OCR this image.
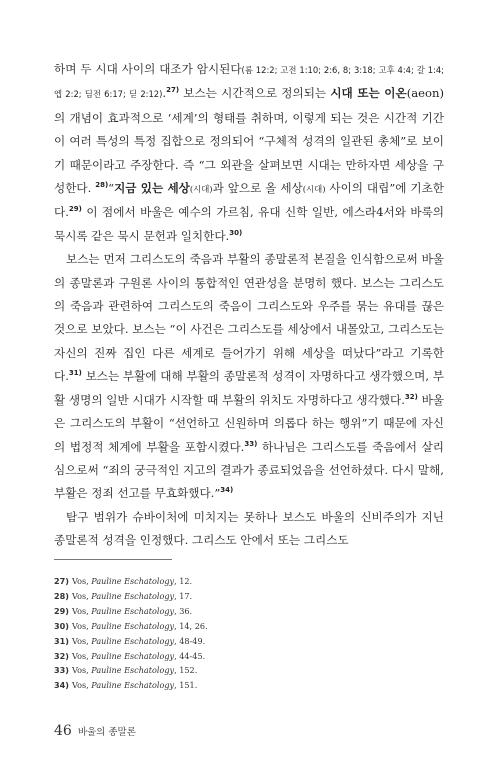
하며 두 시대 사이의 대조가 암시된다(롬 12:2; 고전 1:10; 2:6, 8; 3:18; 고후 4:4; 갈 1:4; 엡 2:2; 딤전 6:17; 딛 2:12).$^{27)}$ 보스는 시간적으로 정의되는 시대 또는 이온(aeon)의 개념이 효과적으로 ‘세계’의 형태를 취하며, 이렇게 되는 것은 시간적 기간이 여러 특성의 특정 집합으로 정의되어 “구체적 성격의 일관된 총체”로 보이기 때문이라고 주장한다. 즉 “그 외관을 살펴보면 시대는 만하자면 세상을 구성한다. $^{28)}$“지금 있는 세상(시대)과 앞으로 올 세상(시대) 사이의 대립”에 기초한다.$^{29)}$ 이 점에서 바울은 예수의 가르침, 유대 신학 일반, 에스라4서와 바룩의 묵시록 같은 묵시 문헌과 일치한다.$^{30)}$

보스는 먼저 그리스도의 죽음과 부활의 종말론적 본질을 인식함으로써 바울의 종말론과 구원론 사이의 통합적인 연관성을 분명히 했다. 보스는 그리스도의 죽음과 관련하여 그리스도의 죽음이 그리스도와 우주를 묶는 유대를 끊은 것으로 보았다. 보스는 “이 사건은 그리스도를 세상에서 내몰았고, 그리스도는 자신의 진짜 집인 다른 세계로 들어가기 위해 세상을 떠났다”라고 기록한다.$^{31)}$ 보스는 부활에 대해 부활의 종말론적 성격이 자명하다고 생각했으며, 부활 생명의 일반 시대가 시작할 때 부활의 위치도 자명하다고 생각했다.$^{32)}$ 바울은 그리스도의 부활이 “선언하고 신원하며 의롭다 하는 행위”기 때문에 자신의 법정적 체계에 부활을 포함시켰다.$^{33)}$ 하나님은 그리스도를 죽음에서 살리심으로써 “죄의 궁극적인 지고의 결과가 종료되었음을 선언하셨다. 다시 말해, 부활은 정죄 선고를 무효화했다.”$^{34)}$

탐구 범위가 슈바이처에 미치지는 못하나 보스도 바울의 신비주의가 지닌 종말론적 성격을 인정했다. 그리스도 안에서 또는 그리스도

27) Vos, Pauline Eschatology, 12.
28) Vos, Pauline Eschatology, 17.
29) Vos, Pauline Eschatology, 36.
30) Vos, Pauline Eschatology, 14, 26.
31) Vos, Pauline Eschatology, 48-49.
32) Vos, Pauline Eschatology, 44-45.
33) Vos, Pauline Eschatology, 152.
34) Vos, Pauline Eschatology, 151.
46 바울의 종말론
